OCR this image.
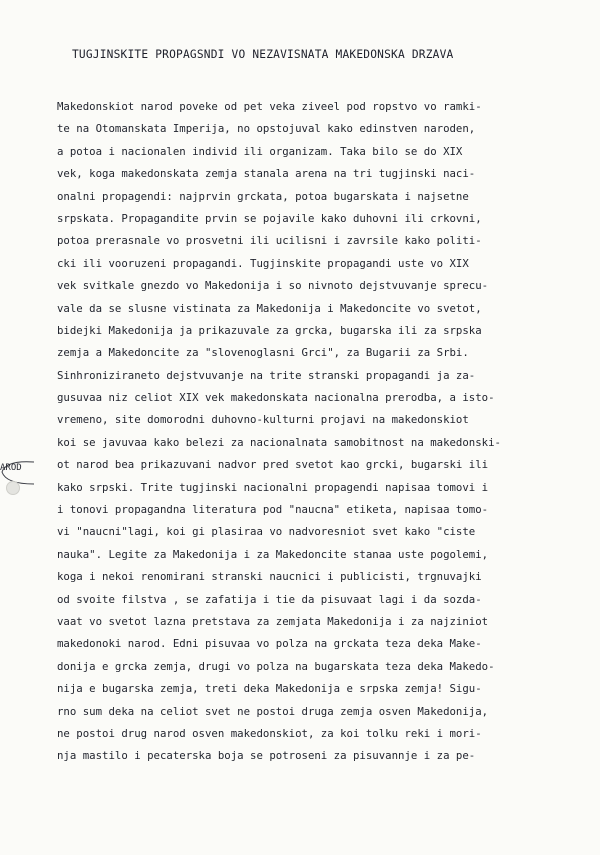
TUGJINSKITE PROPAGSNDI VO NEZAVISNATA MAKEDONSKA DRZAVA
AROD
Makedonskiot narod poveke od pet veka ziveel pod ropstvo vo ramki-
te na Otomanskata Imperija, no opstojuval kako edinstven naroden,
a potoa i nacionalen individ ili organizam. Taka bilo se do XIX
vek, koga makedonskata zemja stanala arena na tri tugjinski naci-
onalni propagendi: najprvin grckata, potoa bugarskata i najsetne
srpskata. Propagandite prvin se pojavile kako duhovni ili crkovni,
potoa prerasnale vo prosvetni ili ucilisni i zavrsile kako politi-
cki ili vooruzeni propagandi. Tugjinskite propagandi uste vo XIX
vek svitkale gnezdo vo Makedonija i so nivnoto dejstvuvanje sprecu-
vale da se slusne vistinata za Makedonija i Makedoncite vo svetot,
bidejki Makedonija ja prikazuvale za grcka, bugarska ili za srpska
zemja a Makedoncite za "slovenoglasni Grci", za Bugarii za Srbi.
Sinhroniziraneto dejstvuvanje na trite stranski propagandi ja za-
gusuvaa niz celiot XIX vek makedonskata nacionalna prerodba, a isto-
vremeno, site domorodni duhovno-kulturni projavi na makedonskiot
koi se javuvaa kako belezi za nacionalnata samobitnost na makedonski-
ot narod bea prikazuvani nadvor pred svetot kao grcki, bugarski ili
kako srpski. Trite tugjinski nacionalni propagendi napisaa tomovi i
i tonovi propagandna literatura pod "naucna" etiketa, napisaa tomo-
vi "naucni"lagi, koi gi plasiraa vo nadvoresniot svet kako "ciste
nauka". Legite za Makedonija i za Makedoncite stanaa uste pogolemi,
koga i nekoi renomirani stranski naucnici i publicisti, trgnuvajki
od svoite filstva , se zafatija i tie da pisuvaat lagi i da sozda-
vaat vo svetot lazna pretstava za zemjata Makedonija i za najziniot
makedonoki narod. Edni pisuvaa vo polza na grckata teza deka Make-
donija e grcka zemja, drugi vo polza na bugarskata teza deka Makedo-
nija e bugarska zemja, treti deka Makedonija e srpska zemja! Sigu-
rno sum deka na celiot svet ne postoi druga zemja osven Makedonija,
ne postoi drug narod osven makedonskiot, za koi tolku reki i mori-
nja mastilo i pecaterska boja se potroseni za pisuvannje i za pe-
